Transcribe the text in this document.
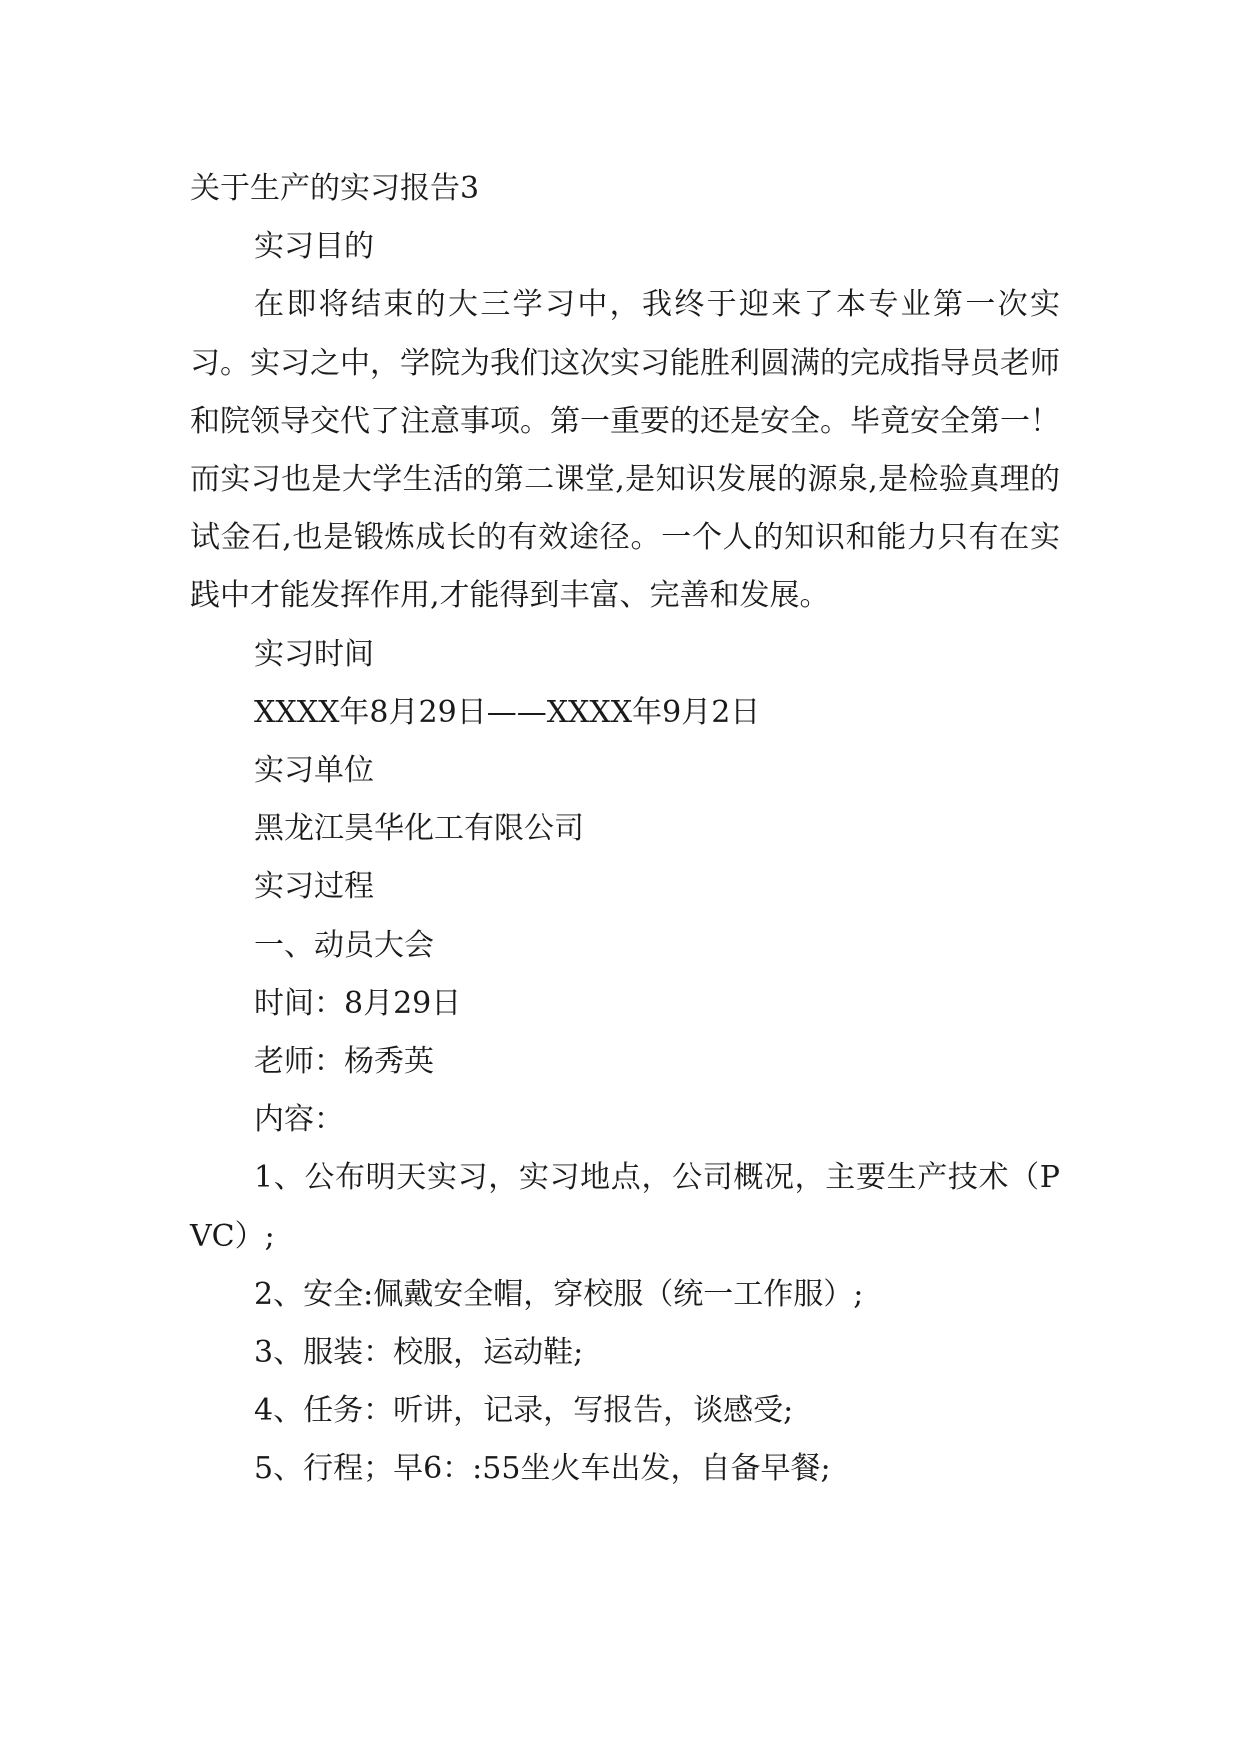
关于生产的实习报告3

实习目的

在即将结束的大三学习中，我终于迎来了本专业第一次实习。实习之中，学院为我们这次实习能胜利圆满的完成指导员老师和院领导交代了注意事项。第一重要的还是安全。毕竟安全第一！而实习也是大学生活的第二课堂,是知识发展的源泉,是检验真理的试金石,也是锻炼成长的有效途径。一个人的知识和能力只有在实践中才能发挥作用,才能得到丰富、完善和发展。

实习时间

XXXX年8月29日——XXXX年9月2日

实习单位

黑龙江昊华化工有限公司

实习过程

一、动员大会

时间：8月29日

老师：杨秀英

内容：

1、公布明天实习，实习地点，公司概况，主要生产技术（PVC）;

2、安全:佩戴安全帽，穿校服（统一工作服）;

3、服装：校服，运动鞋;

4、任务：听讲，记录，写报告，谈感受;

5、行程；早6：:55坐火车出发，自备早餐;
